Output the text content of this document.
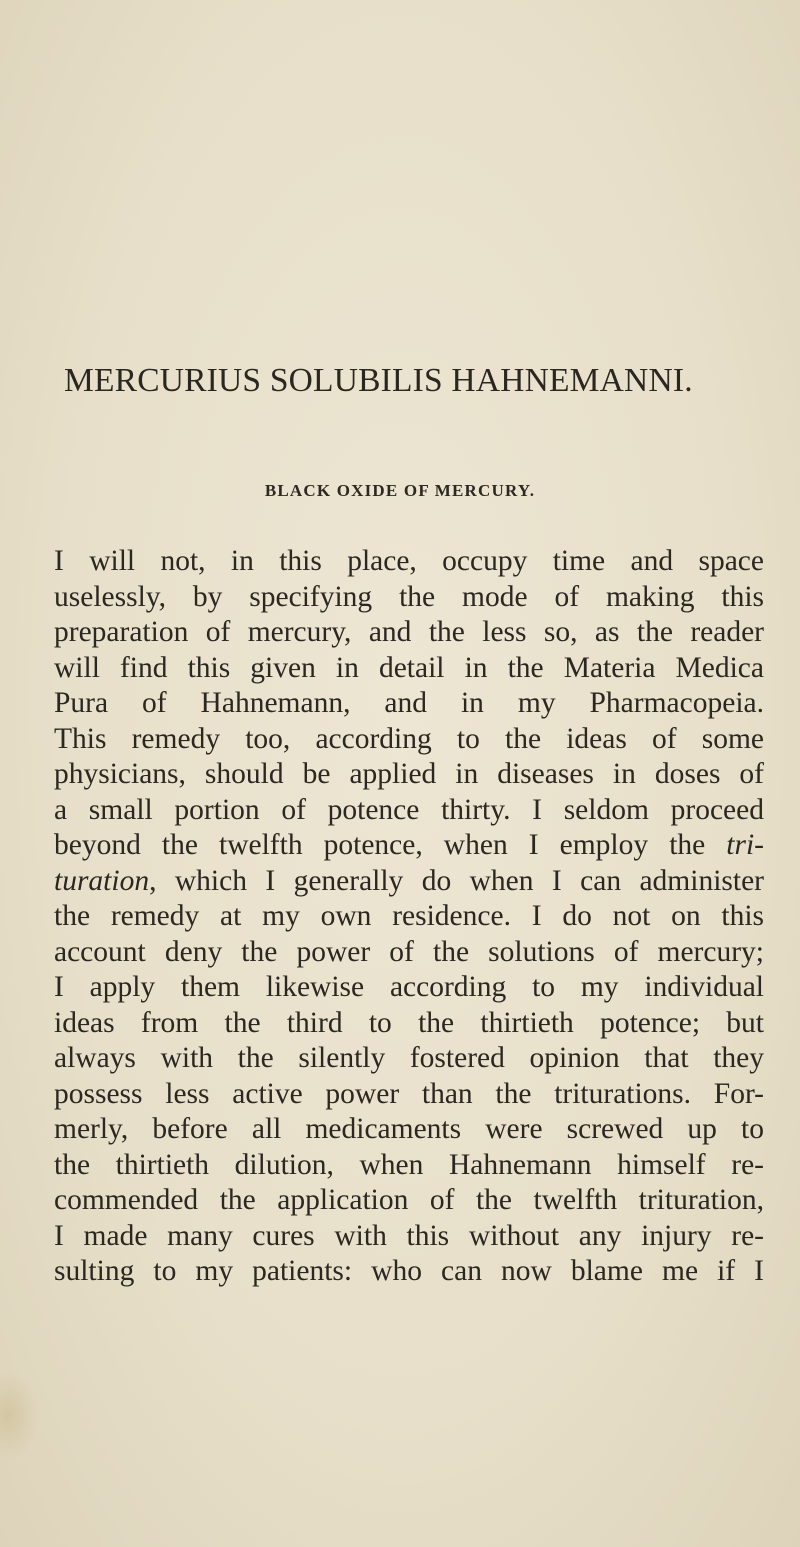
MERCURIUS SOLUBILIS HAHNEMANNI.
BLACK OXIDE OF MERCURY.
I will not, in this place, occupy time and space
uselessly, by specifying the mode of making this
preparation of mercury, and the less so, as the reader
will find this given in detail in the Materia Medica
Pura of Hahnemann, and in my Pharmacopeia.
This remedy too, according to the ideas of some
physicians, should be applied in diseases in doses of
a small portion of potence thirty. I seldom proceed
beyond the twelfth potence, when I employ the tri-
turation, which I generally do when I can administer
the remedy at my own residence. I do not on this
account deny the power of the solutions of mercury;
I apply them likewise according to my individual
ideas from the third to the thirtieth potence; but
always with the silently fostered opinion that they
possess less active power than the triturations. For-
merly, before all medicaments were screwed up to
the thirtieth dilution, when Hahnemann himself re-
commended the application of the twelfth trituration,
I made many cures with this without any injury re-
sulting to my patients: who can now blame me if I
